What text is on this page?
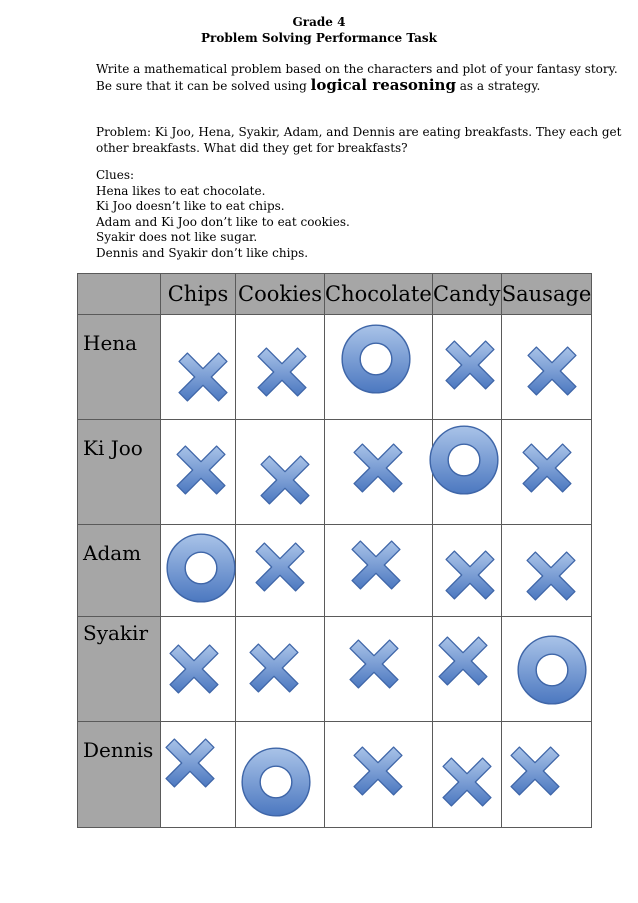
Grade 4
Problem Solving Performance Task
Write a mathematical problem based on the characters and plot of your fantasy story.
Be sure that it can be solved using logical reasoning as a strategy.
Problem: Ki Joo, Hena, Syakir, Adam, and Dennis are eating breakfasts. They each get
other breakfasts. What did they get for breakfasts?
Clues:
Hena likes to eat chocolate.
Ki Joo doesn’t like to eat chips.
Adam and Ki Joo don’t like to eat cookies.
Syakir does not like sugar.
Dennis and Syakir don’t like chips.
	Chips	Cookies	Chocolate	Candy	Sausage
Hena	

Ki Joo	

Adam	

Syakir	

Dennis	
